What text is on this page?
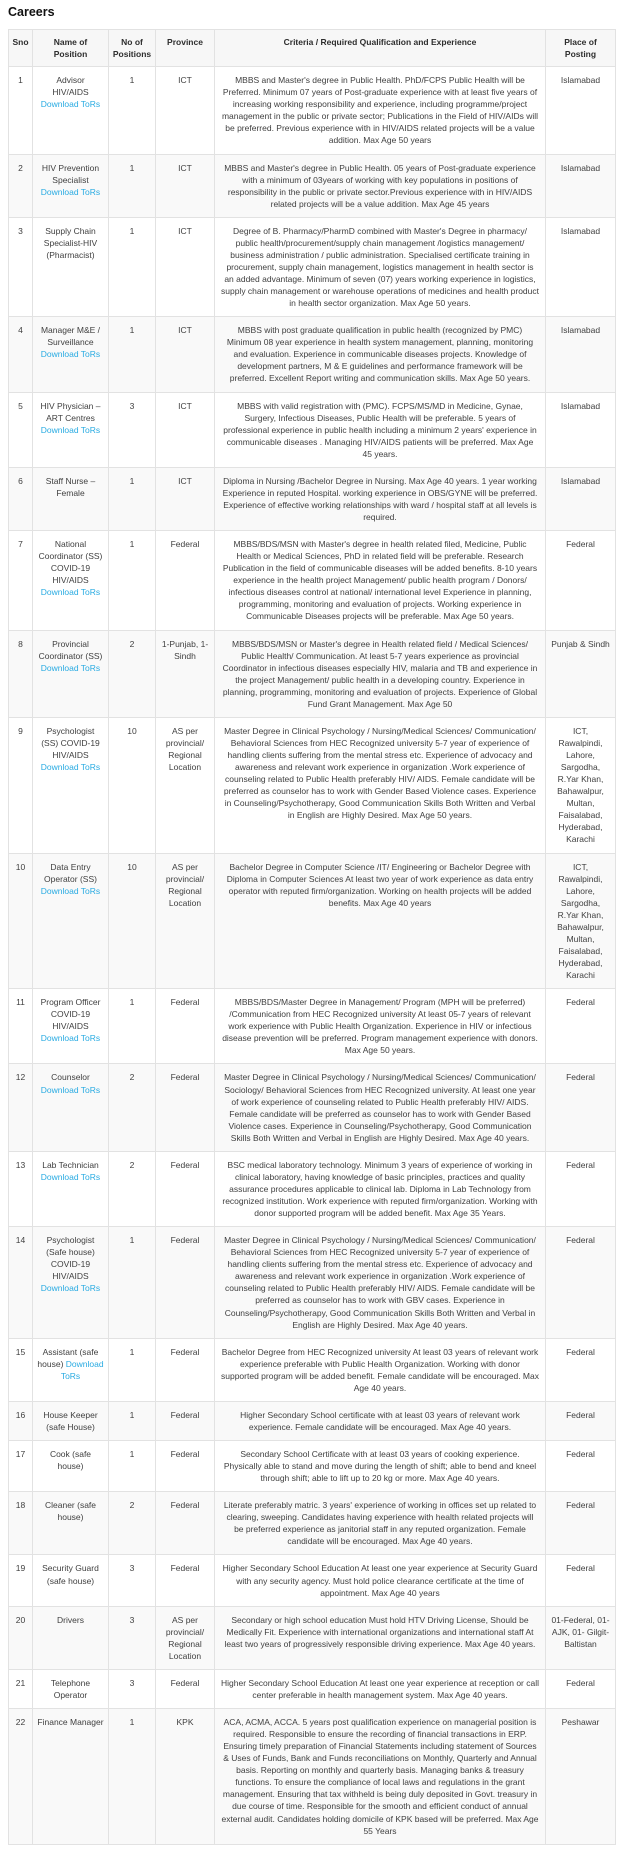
Careers
Sno	Name of Position	No of Positions	Province	Criteria / Required Qualification and Experience	Place of Posting
1	Advisor HIV/AIDS Download ToRs	1	ICT	MBBS and Master's degree in Public Health. PhD/FCPS Public Health will be Preferred. Minimum 07 years of Post-graduate experience with at least five years of increasing working responsibility and experience, including programme/project management in the public or private sector; Publications in the Field of HIV/AIDs will be preferred. Previous experience with in HIV/AIDS related projects will be a value addition. Max Age 50 years	Islamabad
2	HIV Prevention Specialist Download ToRs	1	ICT	MBBS and Master's degree in Public Health. 05 years of Post-graduate experience with a minimum of 03years of working with key populations in positions of responsibility in the public or private sector.Previous experience with in HIV/AIDS related projects will be a value addition. Max Age 45 years	Islamabad
3	Supply Chain Specialist-HIV (Pharmacist)	1	ICT	Degree of B. Pharmacy/PharmD combined with Master's Degree in pharmacy/ public health/procurement/supply chain management /logistics management/ business administration / public administration. Specialised certificate training in procurement, supply chain management, logistics management in health sector is an added advantage. Minimum of seven (07) years working experience in logistics, supply chain management or warehouse operations of medicines and health product in health sector organization. Max Age 50 years.	Islamabad
4	Manager M&E / Surveillance Download ToRs	1	ICT	MBBS with post graduate qualification in public health (recognized by PMC) Minimum 08 year experience in health system management, planning, monitoring and evaluation. Experience in communicable diseases projects. Knowledge of development partners, M & E guidelines and performance framework will be preferred. Excellent Report writing and communication skills. Max Age 50 years.	Islamabad
5	HIV Physician – ART Centres Download ToRs	3	ICT	MBBS with valid registration with (PMC). FCPS/MS/MD in Medicine, Gynae, Surgery, Infectious Diseases, Public Health will be preferable. 5 years of professional experience in public health including a minimum 2 years' experience in communicable diseases . Managing HIV/AIDS patients will be preferred. Max Age 45 years.	Islamabad
6	Staff Nurse – Female	1	ICT	Diploma in Nursing /Bachelor Degree in Nursing. Max Age 40 years. 1 year working Experience in reputed Hospital. working experience in OBS/GYNE will be preferred. Experience of effective working relationships with ward / hospital staff at all levels is required.	Islamabad
7	National Coordinator (SS) COVID-19 HIV/AIDS Download ToRs	1	Federal	MBBS/BDS/MSN with Master's degree in health related filed, Medicine, Public Health or Medical Sciences, PhD in related field will be preferable. Research Publication in the field of communicable diseases will be added benefits. 8-10 years experience in the health project Management/ public health program / Donors/ infectious diseases control at national/ international level Experience in planning, programming, monitoring and evaluation of projects. Working experience in Communicable Diseases projects will be preferable. Max Age 50 years.	Federal
8	Provincial Coordinator (SS) Download ToRs	2	1-Punjab, 1-Sindh	MBBS/BDS/MSN or Master's degree in Health related field / Medical Sciences/ Public Health/ Communication. At least 5-7 years experience as provincial Coordinator in infectious diseases especially HIV, malaria and TB and experience in the project Management/ public health in a developing country. Experience in planning, programming, monitoring and evaluation of projects. Experience of Global Fund Grant Management. Max Age 50	Punjab & Sindh
9	Psychologist (SS) COVID-19 HIV/AIDS Download ToRs	10	AS per provincial/ Regional Location	Master Degree in Clinical Psychology / Nursing/Medical Sciences/ Communication/ Behavioral Sciences from HEC Recognized university 5-7 year of experience of handling clients suffering from the mental stress etc. Experience of advocacy and awareness and relevant work experience in organization .Work experience of counseling related to Public Health preferably HIV/ AIDS. Female candidate will be preferred as counselor has to work with Gender Based Violence cases. Experience in Counseling/Psychotherapy, Good Communication Skills Both Written and Verbal in English are Highly Desired. Max Age 50 years.	ICT, Rawalpindi, Lahore, Sargodha, R.Yar Khan, Bahawalpur, Multan, Faisalabad, Hyderabad, Karachi
10	Data Entry Operator (SS) Download ToRs	10	AS per provincial/ Regional Location	Bachelor Degree in Computer Science /IT/ Engineering or Bachelor Degree with Diploma in Computer Sciences At least two year of work experience as data entry operator with reputed firm/organization. Working on health projects will be added benefits. Max Age 40 years	ICT, Rawalpindi, Lahore, Sargodha, R.Yar Khan, Bahawalpur, Multan, Faisalabad, Hyderabad, Karachi
11	Program Officer COVID-19 HIV/AIDS Download ToRs	1	Federal	MBBS/BDS/Master Degree in Management/ Program (MPH will be preferred) /Communication from HEC Recognized university At least 05-7 years of relevant work experience with Public Health Organization. Experience in HIV or infectious disease prevention will be preferred. Program management experience with donors. Max Age 50 years.	Federal
12	Counselor Download ToRs	2	Federal	Master Degree in Clinical Psychology / Nursing/Medical Sciences/ Communication/ Sociology/ Behavioral Sciences from HEC Recognized university. At least one year of work experience of counseling related to Public Health preferably HIV/ AIDS. Female candidate will be preferred as counselor has to work with Gender Based Violence cases. Experience in Counseling/Psychotherapy, Good Communication Skills Both Written and Verbal in English are Highly Desired. Max Age 40 years.	Federal
13	Lab Technician Download ToRs	2	Federal	BSC medical laboratory technology. Minimum 3 years of experience of working in clinical laboratory, having knowledge of basic principles, practices and quality assurance procedures applicable to clinical lab. Diploma in Lab Technology from recognized institution. Work experience with reputed firm/organization. Working with donor supported program will be added benefit. Max Age 35 Years.	Federal
14	Psychologist (Safe house) COVID-19 HIV/AIDS Download ToRs	1	Federal	Master Degree in Clinical Psychology / Nursing/Medical Sciences/ Communication/ Behavioral Sciences from HEC Recognized university 5-7 year of experience of handling clients suffering from the mental stress etc. Experience of advocacy and awareness and relevant work experience in organization .Work experience of counseling related to Public Health preferably HIV/ AIDS. Female candidate will be preferred as counselor has to work with GBV cases. Experience in Counseling/Psychotherapy, Good Communication Skills Both Written and Verbal in English are Highly Desired. Max Age 40 years.	Federal
15	Assistant (safe house) Download ToRs	1	Federal	Bachelor Degree from HEC Recognized university At least 03 years of relevant work experience preferable with Public Health Organization. Working with donor supported program will be added benefit. Female candidate will be encouraged. Max Age 40 years.	Federal
16	House Keeper (safe House)	1	Federal	Higher Secondary School certificate with at least 03 years of relevant work experience. Female candidate will be encouraged. Max Age 40 years.	Federal
17	Cook (safe house)	1	Federal	Secondary School Certificate with at least 03 years of cooking experience. Physically able to stand and move during the length of shift; able to bend and kneel through shift; able to lift up to 20 kg or more. Max Age 40 years.	Federal
18	Cleaner (safe house)	2	Federal	Literate preferably matric. 3 years' experience of working in offices set up related to clearing, sweeping. Candidates having experience with health related projects will be preferred experience as janitorial staff in any reputed organization. Female candidate will be encouraged. Max Age 40 years.	Federal
19	Security Guard (safe house)	3	Federal	Higher Secondary School Education At least one year experience at Security Guard with any security agency. Must hold police clearance certificate at the time of appointment. Max Age 40 years	Federal
20	Drivers	3	AS per provincial/ Regional Location	Secondary or high school education Must hold HTV Driving License, Should be Medically Fit. Experience with international organizations and international staff At least two years of progressively responsible driving experience. Max Age 40 years.	01-Federal, 01-AJK, 01- Gilgit-Baltistan
21	Telephone Operator	3	Federal	Higher Secondary School Education At least one year experience at reception or call center preferable in health management system. Max Age 40 years.	Federal
22	Finance Manager	1	KPK	ACA, ACMA, ACCA. 5 years post qualification experience on managerial position is required. Responsible to ensure the recording of financial transactions in ERP. Ensuring timely preparation of Financial Statements including statement of Sources & Uses of Funds, Bank and Funds reconciliations on Monthly, Quarterly and Annual basis. Reporting on monthly and quarterly basis. Managing banks & treasury functions. To ensure the compliance of local laws and regulations in the grant management. Ensuring that tax withheld is being duly deposited in Govt. treasury in due course of time. Responsible for the smooth and efficient conduct of annual external audit. Candidates holding domicile of KPK based will be preferred. Max Age 55 Years	Peshawar
